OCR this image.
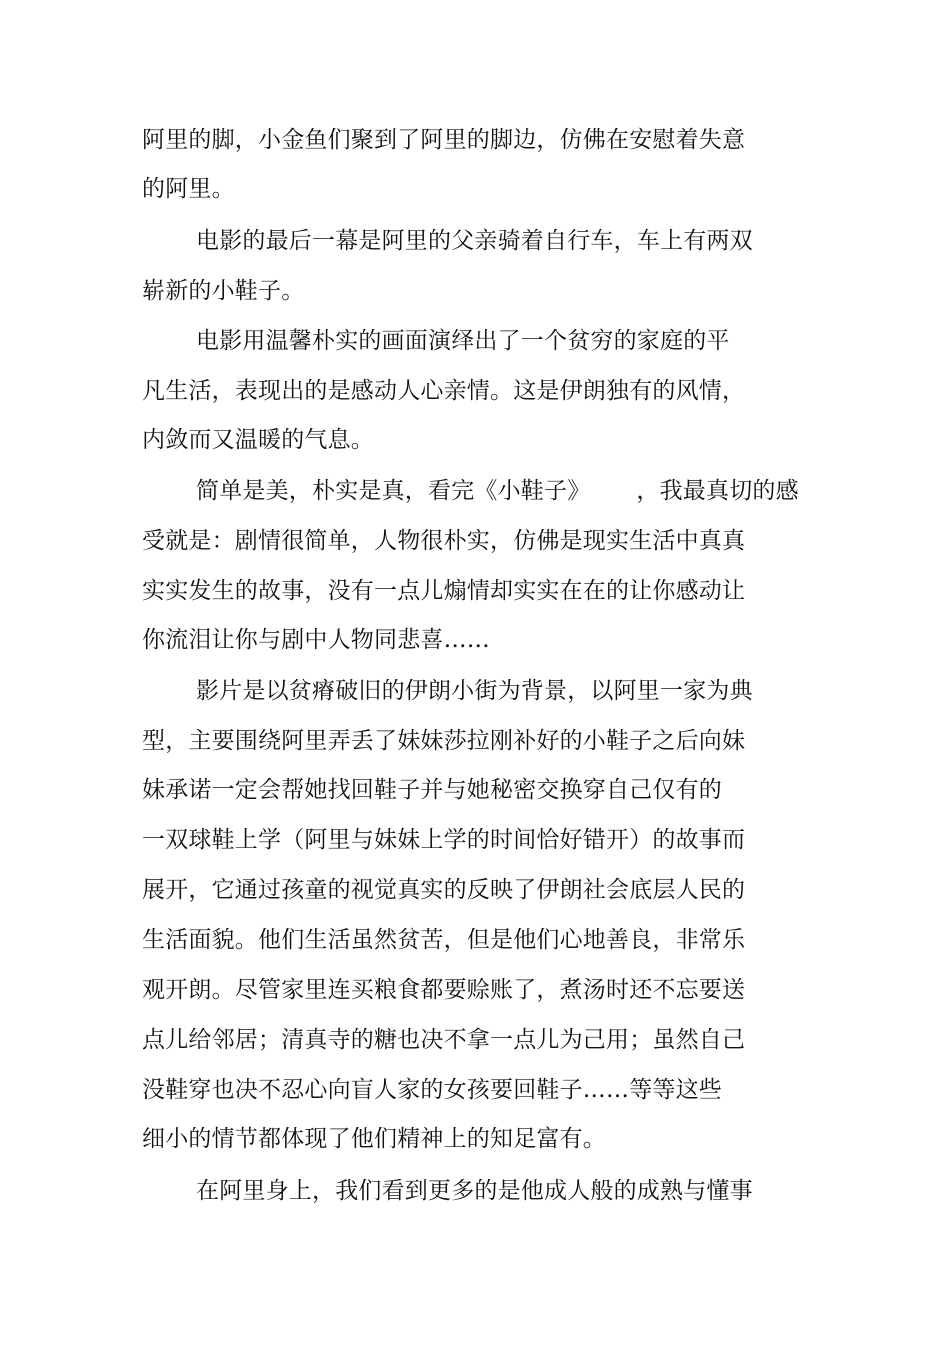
阿里的脚，小金鱼们聚到了阿里的脚边，仿佛在安慰着失意
的阿里。
电影的最后一幕是阿里的父亲骑着自行车，车上有两双
崭新的小鞋子。
电影用温馨朴实的画面演绎出了一个贫穷的家庭的平
凡生活，表现出的是感动人心亲情。这是伊朗独有的风情，
内敛而又温暖的气息。
简单是美，朴实是真，看完《小鞋子》 ，我最真切的感
受就是：剧情很简单，人物很朴实，仿佛是现实生活中真真
实实发生的故事，没有一点儿煽情却实实在在的让你感动让
你流泪让你与剧中人物同悲喜……
影片是以贫瘠破旧的伊朗小街为背景，以阿里一家为典
型，主要围绕阿里弄丢了妹妹莎拉刚补好的小鞋子之后向妹
妹承诺一定会帮她找回鞋子并与她秘密交换穿自己仅有的
一双球鞋上学（阿里与妹妹上学的时间恰好错开）的故事而
展开，它通过孩童的视觉真实的反映了伊朗社会底层人民的
生活面貌。他们生活虽然贫苦，但是他们心地善良，非常乐
观开朗。尽管家里连买粮食都要赊账了，煮汤时还不忘要送
点儿给邻居；清真寺的糖也决不拿一点儿为己用；虽然自己
没鞋穿也决不忍心向盲人家的女孩要回鞋子……等等这些
细小的情节都体现了他们精神上的知足富有。
在阿里身上，我们看到更多的是他成人般的成熟与懂事
